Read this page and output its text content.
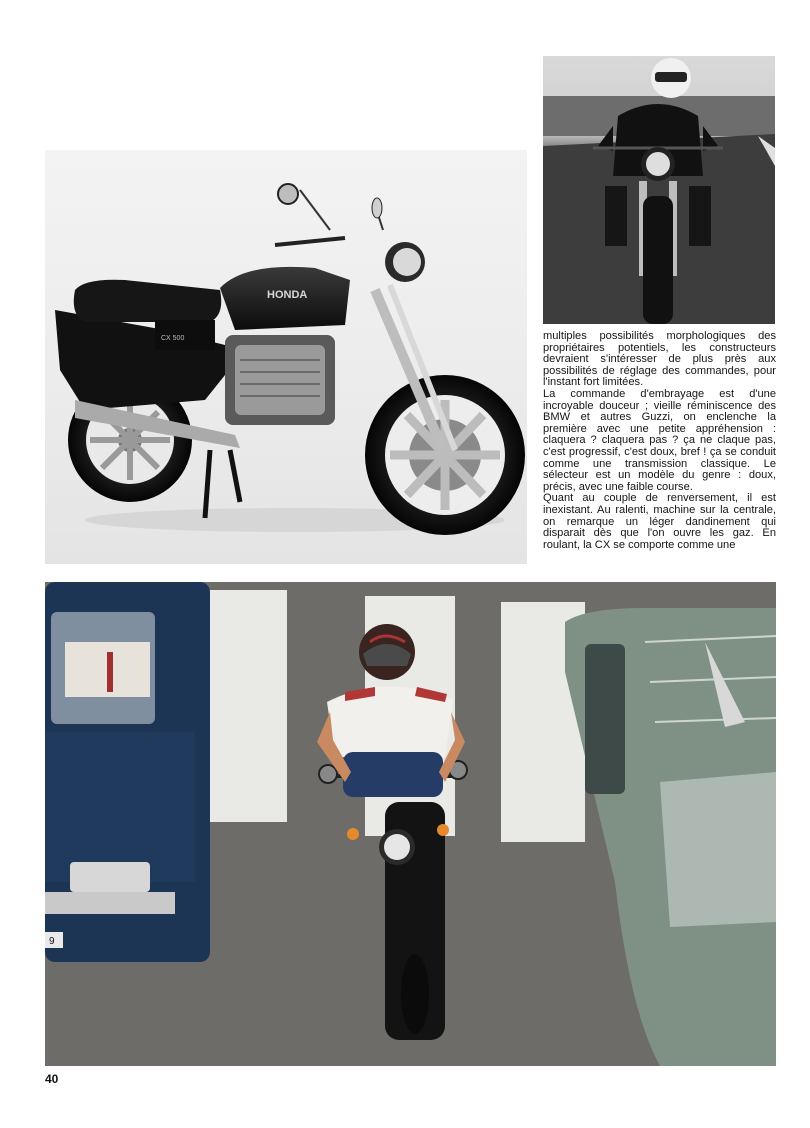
HONDA
CX 500	multiples possibilités morphologiques des propriétaires potentiels, les constructeurs devraient s'intéresser de plus près aux possibilités de réglage des commandes, pour l'instant fort limitées.

La commande d'embrayage est d'une incroyable douceur ; vieille réminiscence des BMW et autres Guzzi, on enclenche la première avec une petite appréhension : claquera ? claquera pas ? ça ne claque pas, c'est progressif, c'est doux, bref ! ça se conduit comme une transmission classique. Le sélecteur est un modèle du genre : doux, précis, avec une faible course.

Quant au couple de renversement, il est inexistant. Au ralenti, machine sur la centrale, on remarque un léger dandinement qui disparait dès que l'on ouvre les gaz. En roulant, la CX se comporte comme une

9
40
